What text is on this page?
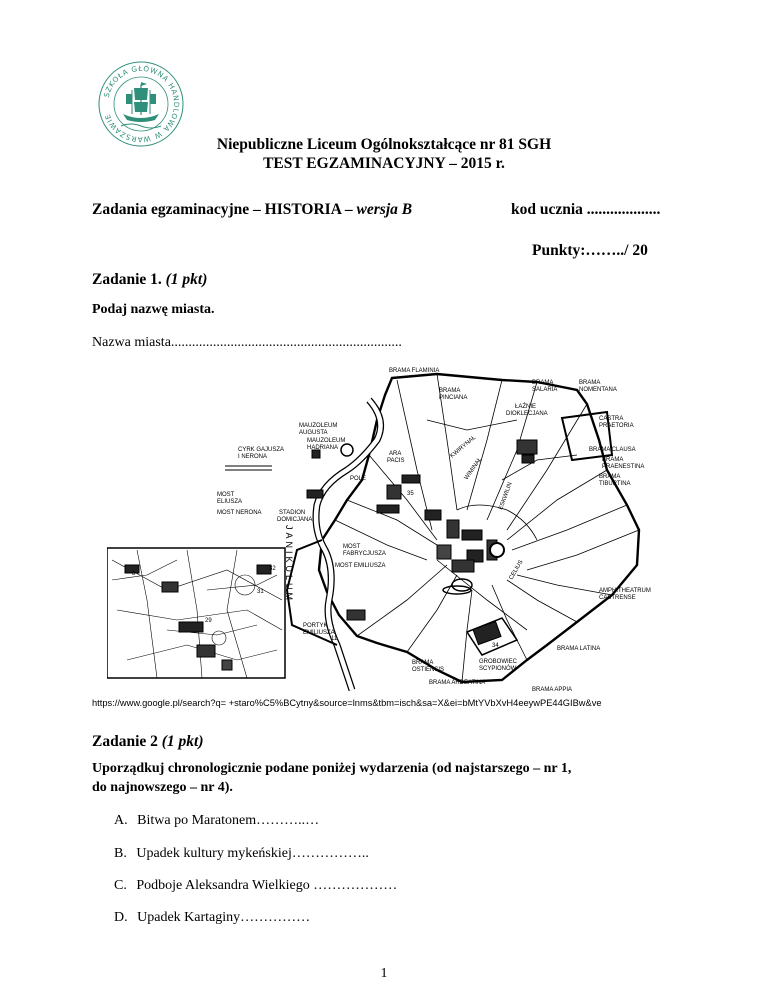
SZKOŁA GŁÓWNA HANDLOWA W WARSZAWIE
Niepubliczne Liceum Ogólnokształcące nr 81 SGH
TEST EGZAMINACYJNY – 2015 r.
Zadania egzaminacyjne – HISTORIA – wersja B	kod ucznia ...................
Punkty:……../ 20
Zadanie 1. (1 pkt)
Podaj nazwę miasta.
Nazwa miasta..................................................................
BRAMA FLAMINIA
BRAMA
PINCIANA
BRAMA
SALARIA
BRAMA
NOMENTANA
ŁAŹNIE
DIOKLECJANA
CASTRA
PRAETORIA
MAUZOLEUM
AUGUSTA
MAUZOLEUM
HADRIANA
CYRK GAJUSZA
I NERONA	ARA
PACIS
BRAMA CLAUSA
BRAMA
PRAENESTINA
BRAMA
TIBURTINA
MOST
ELIUSZA
MOST NERONA	STADION
DOMICJANA
POLE
MOST
FABRYCJUSZA
MOST EMILIUSZA
AMPHITHEATRUM
CASTRENSE
PORTYK
EMILIUSZA
BRAMA LATINA
BRAMA
OSTIENSIS
GROBOWIEC
SCYPIONÓW
BRAMA ARDEATINA
BRAMA APPIA
ESKWILIN
WIMINAŁ
KWIRYNAŁ
CELIUS
35
11
34
31
32
29
8	JANIKULUM
https://www.google.pl/search?q= +staro%C5%BCytny&source=lnms&tbm=isch&sa=X&ei=bMtYVbXvH4eeywPE44GIBw&ve
Zadanie 2 (1 pkt)
Uporządkuj chronologicznie podane poniżej wydarzenia (od najstarszego – nr 1,
do najnowszego – nr 4).
A. Bitwa po Maratonem………..…
B. Upadek kultury mykeńskiej……………..
C. Podboje Aleksandra Wielkiego ………………
D. Upadek Kartaginy……………
1
